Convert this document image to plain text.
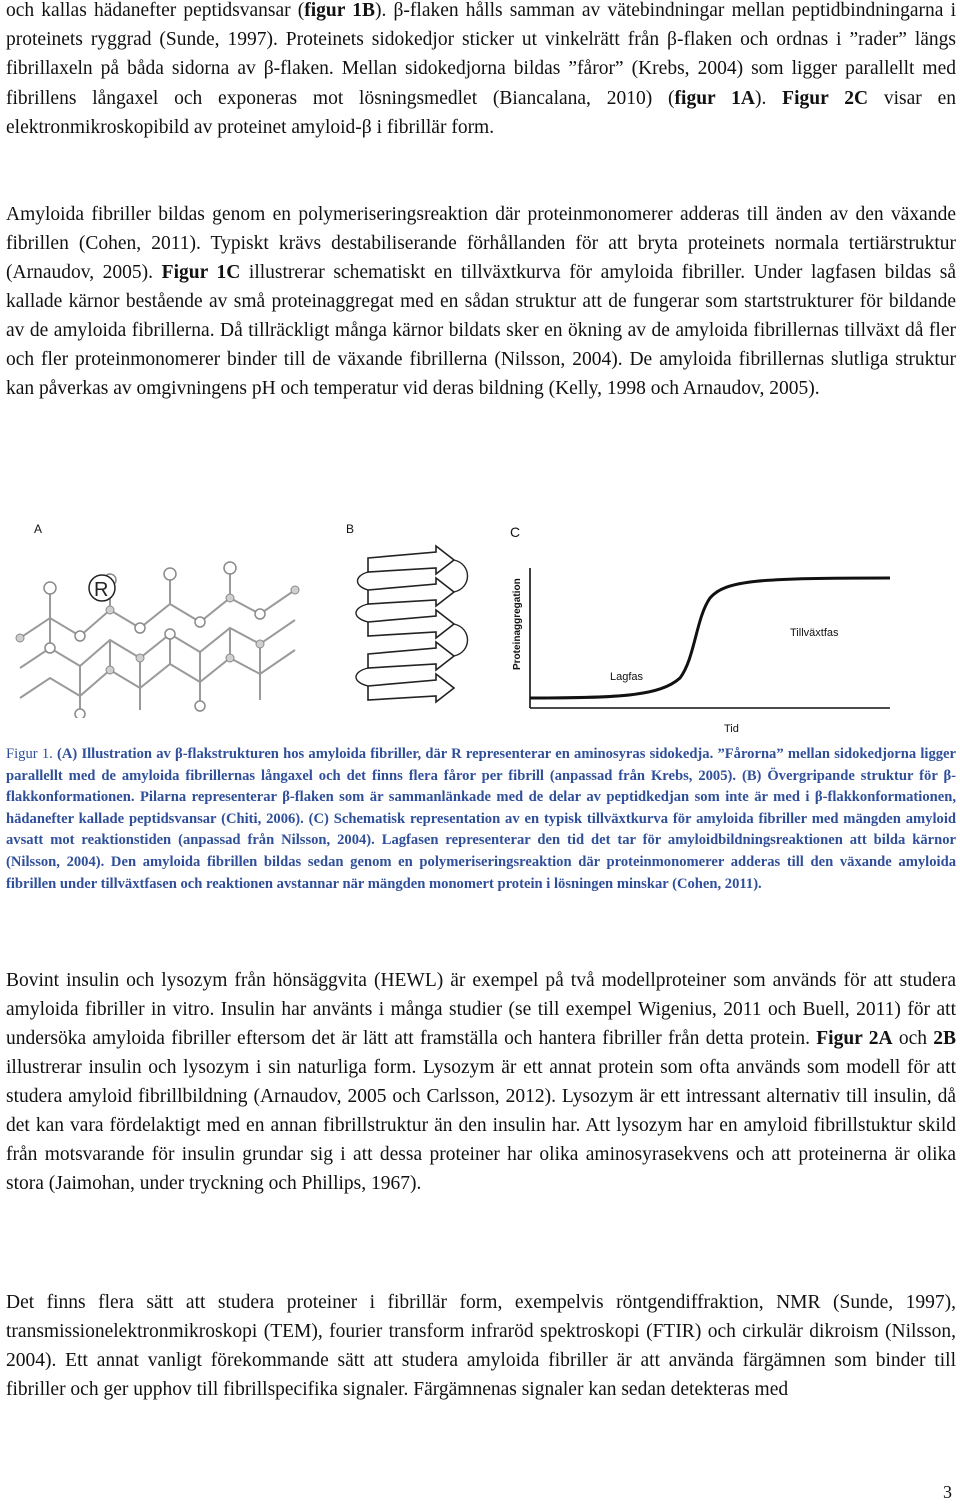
och kallas hädanefter peptidsvansar (figur 1B). β-flaken hålls samman av vätebindningar mellan peptidbindningarna i proteinets ryggrad (Sunde, 1997). Proteinets sidokedjor sticker ut vinkelrätt från β-flaken och ordnas i ”rader” längs fibrillaxeln på båda sidorna av β-flaken. Mellan sidokedjorna bildas ”fåror” (Krebs, 2004) som ligger parallellt med fibrillens långaxel och exponeras mot lösningsmedlet (Biancalana, 2010) (figur 1A). Figur 2C visar en elektronmikroskopibild av proteinet amyloid-β i fibrillär form.

Amyloida fibriller bildas genom en polymeriseringsreaktion där proteinmonomerer adderas till änden av den växande fibrillen (Cohen, 2011). Typiskt krävs destabiliserande förhållanden för att bryta proteinets normala tertiärstruktur (Arnaudov, 2005). Figur 1C illustrerar schematiskt en tillväxtkurva för amyloida fibriller. Under lagfasen bildas så kallade kärnor bestående av små proteinaggregat med en sådan struktur att de fungerar som startstrukturer för bildande av de amyloida fibrillerna. Då tillräckligt många kärnor bildats sker en ökning av de amyloida fibrillernas tillväxt då fler och fler proteinmonomerer binder till de växande fibrillerna (Nilsson, 2004). De amyloida fibrillernas slutliga struktur kan påverkas av omgivningens pH och temperatur vid deras bildning (Kelly, 1998 och Arnaudov, 2005).

A
R
B	C
Proteinaggregation
Tid
Lagfas
Tillväxtfas

Figur 1. (A) Illustration av β-flakstrukturen hos amyloida fibriller, där R representerar en aminosyras sidokedja. ”Fårorna” mellan sidokedjorna ligger parallellt med de amyloida fibrillernas långaxel och det finns flera fåror per fibrill (anpassad från Krebs, 2005). (B) Övergripande struktur för β-flakkonformationen. Pilarna representerar β-flaken som är sammanlänkade med de delar av peptidkedjan som inte är med i β-flakkonformationen, hädanefter kallade peptidsvansar (Chiti, 2006). (C) Schematisk representation av en typisk tillväxtkurva för amyloida fibriller med mängden amyloid avsatt mot reaktionstiden (anpassad från Nilsson, 2004). Lagfasen representerar den tid det tar för amyloidbildningsreaktionen att bilda kärnor (Nilsson, 2004). Den amyloida fibrillen bildas sedan genom en polymeriseringsreaktion där proteinmonomerer adderas till den växande amyloida fibrillen under tillväxtfasen och reaktionen avstannar när mängden monomert protein i lösningen minskar (Cohen, 2011).

Bovint insulin och lysozym från hönsäggvita (HEWL) är exempel på två modellproteiner som används för att studera amyloida fibriller in vitro. Insulin har använts i många studier (se till exempel Wigenius, 2011 och Buell, 2011) för att undersöka amyloida fibriller eftersom det är lätt att framställa och hantera fibriller från detta protein. Figur 2A och 2B illustrerar insulin och lysozym i sin naturliga form. Lysozym är ett annat protein som ofta används som modell för att studera amyloid fibrillbildning (Arnaudov, 2005 och Carlsson, 2012). Lysozym är ett intressant alternativ till insulin, då det kan vara fördelaktigt med en annan fibrillstruktur än den insulin har. Att lysozym har en amyloid fibrillstuktur skild från motsvarande för insulin grundar sig i att dessa proteiner har olika aminosyrasekvens och att proteinerna är olika stora (Jaimohan, under tryckning och Phillips, 1967).

Det finns flera sätt att studera proteiner i fibrillär form, exempelvis röntgendiffraktion, NMR (Sunde, 1997), transmissionelektronmikroskopi (TEM), fourier transform infraröd spektroskopi (FTIR) och cirkulär dikroism (Nilsson, 2004). Ett annat vanligt förekommande sätt att studera amyloida fibriller är att använda färgämnen som binder till fibriller och ger upphov till fibrillspecifika signaler. Färgämnenas signaler kan sedan detekteras med

3
